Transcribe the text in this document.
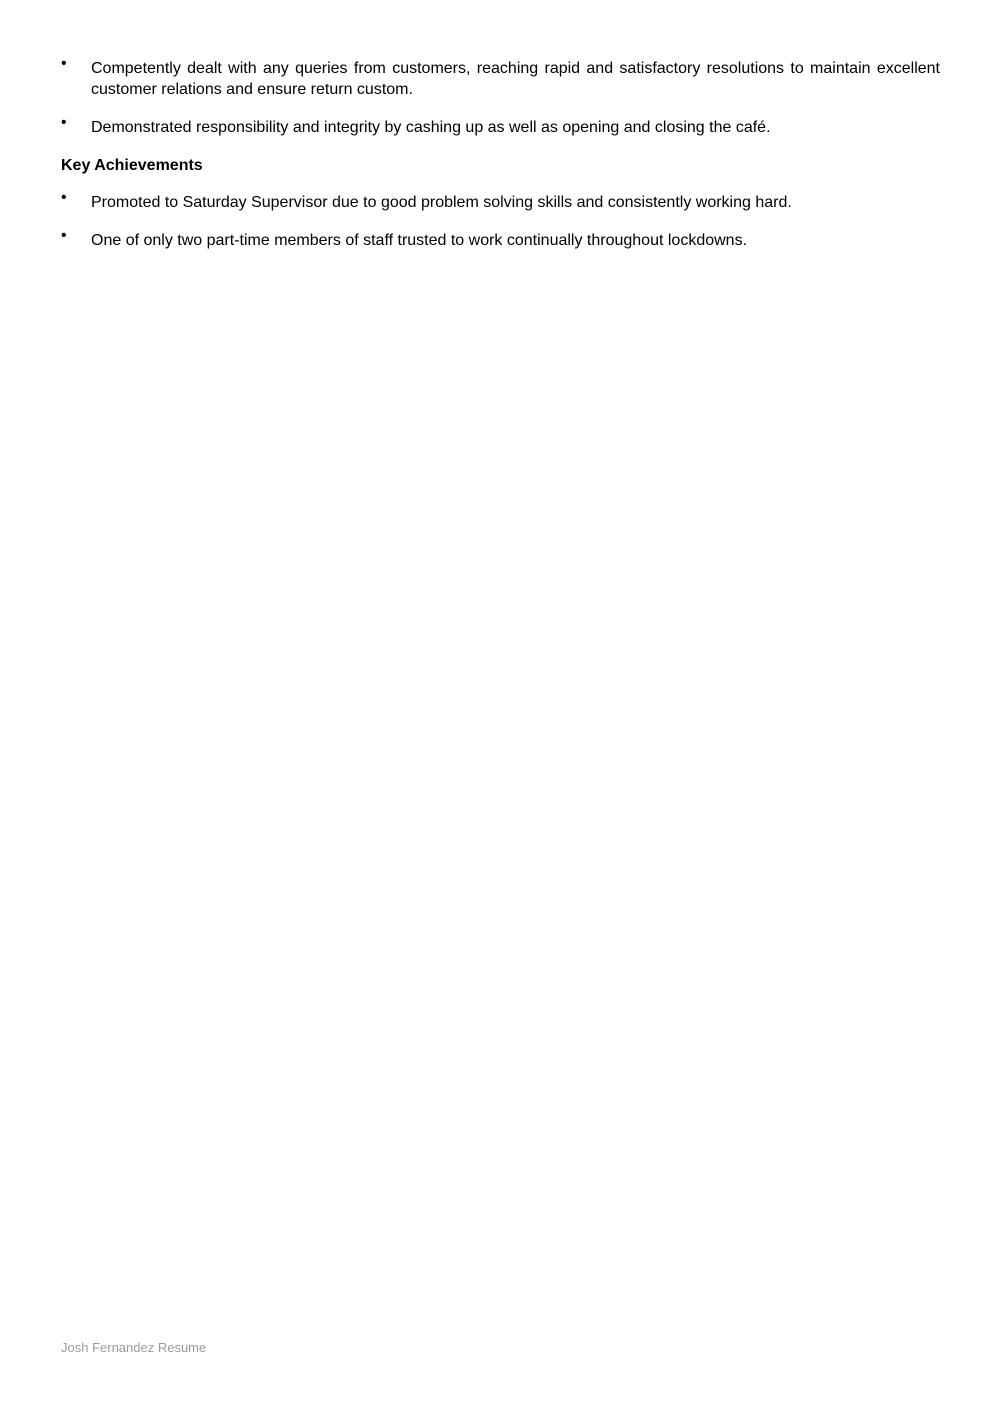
•	Competently dealt with any queries from customers, reaching rapid and satisfactory resolutions to maintain excellent customer relations and ensure return custom.
•	Demonstrated responsibility and integrity by cashing up as well as opening and closing the café.
Key Achievements
•	Promoted to Saturday Supervisor due to good problem solving skills and consistently working hard.
•	One of only two part-time members of staff trusted to work continually throughout lockdowns.
Josh Fernandez Resume
